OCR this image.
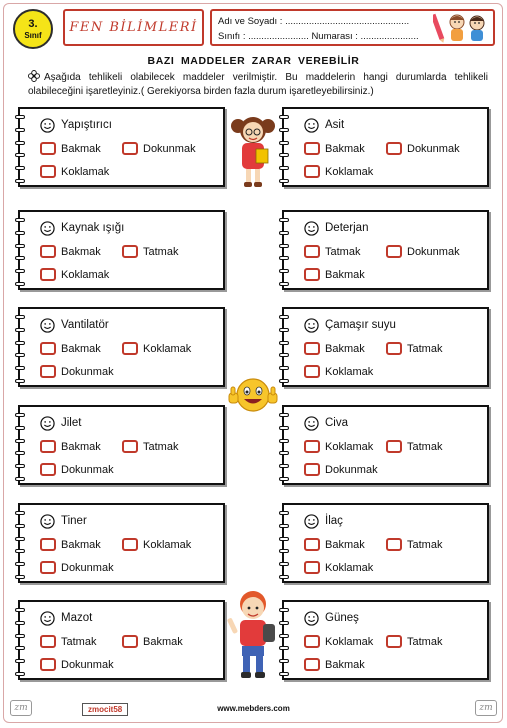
3.
Sınıf FEN BİLİMLERİ Adı ve Soyadı : ...............................................
Sınıfı : ....................... Numarası : ......................
BAZI MADDELER ZARAR VEREBİLİR
Aşağıda tehlikeli olabilecek maddeler verilmiştir. Bu maddelerin hangi durumlarda tehlikeli olabileceğini işaretleyiniz.( Gerekiyorsa birden fazla durum işaretleyebilirsiniz.)
Yapıştırıcı
Bakmak	Dokunmak
Koklamak
Asit
Bakmak	Dokunmak
Koklamak
Kaynak ışığı
Bakmak	Tatmak
Koklamak
Deterjan
Tatmak	Dokunmak
Bakmak
Vantilatör
Bakmak	Koklamak
Dokunmak
Çamaşır suyu
Bakmak	Tatmak
Koklamak
Jilet
Bakmak	Tatmak
Dokunmak
Civa
Koklamak	Tatmak
Dokunmak
Tiner
Bakmak	Koklamak
Dokunmak
İlaç
Bakmak	Tatmak
Koklamak
Mazot
Tatmak	Bakmak
Dokunmak
Güneş
Koklamak	Tatmak
Bakmak
zm	zmocit58	www.mebders.com	zm
